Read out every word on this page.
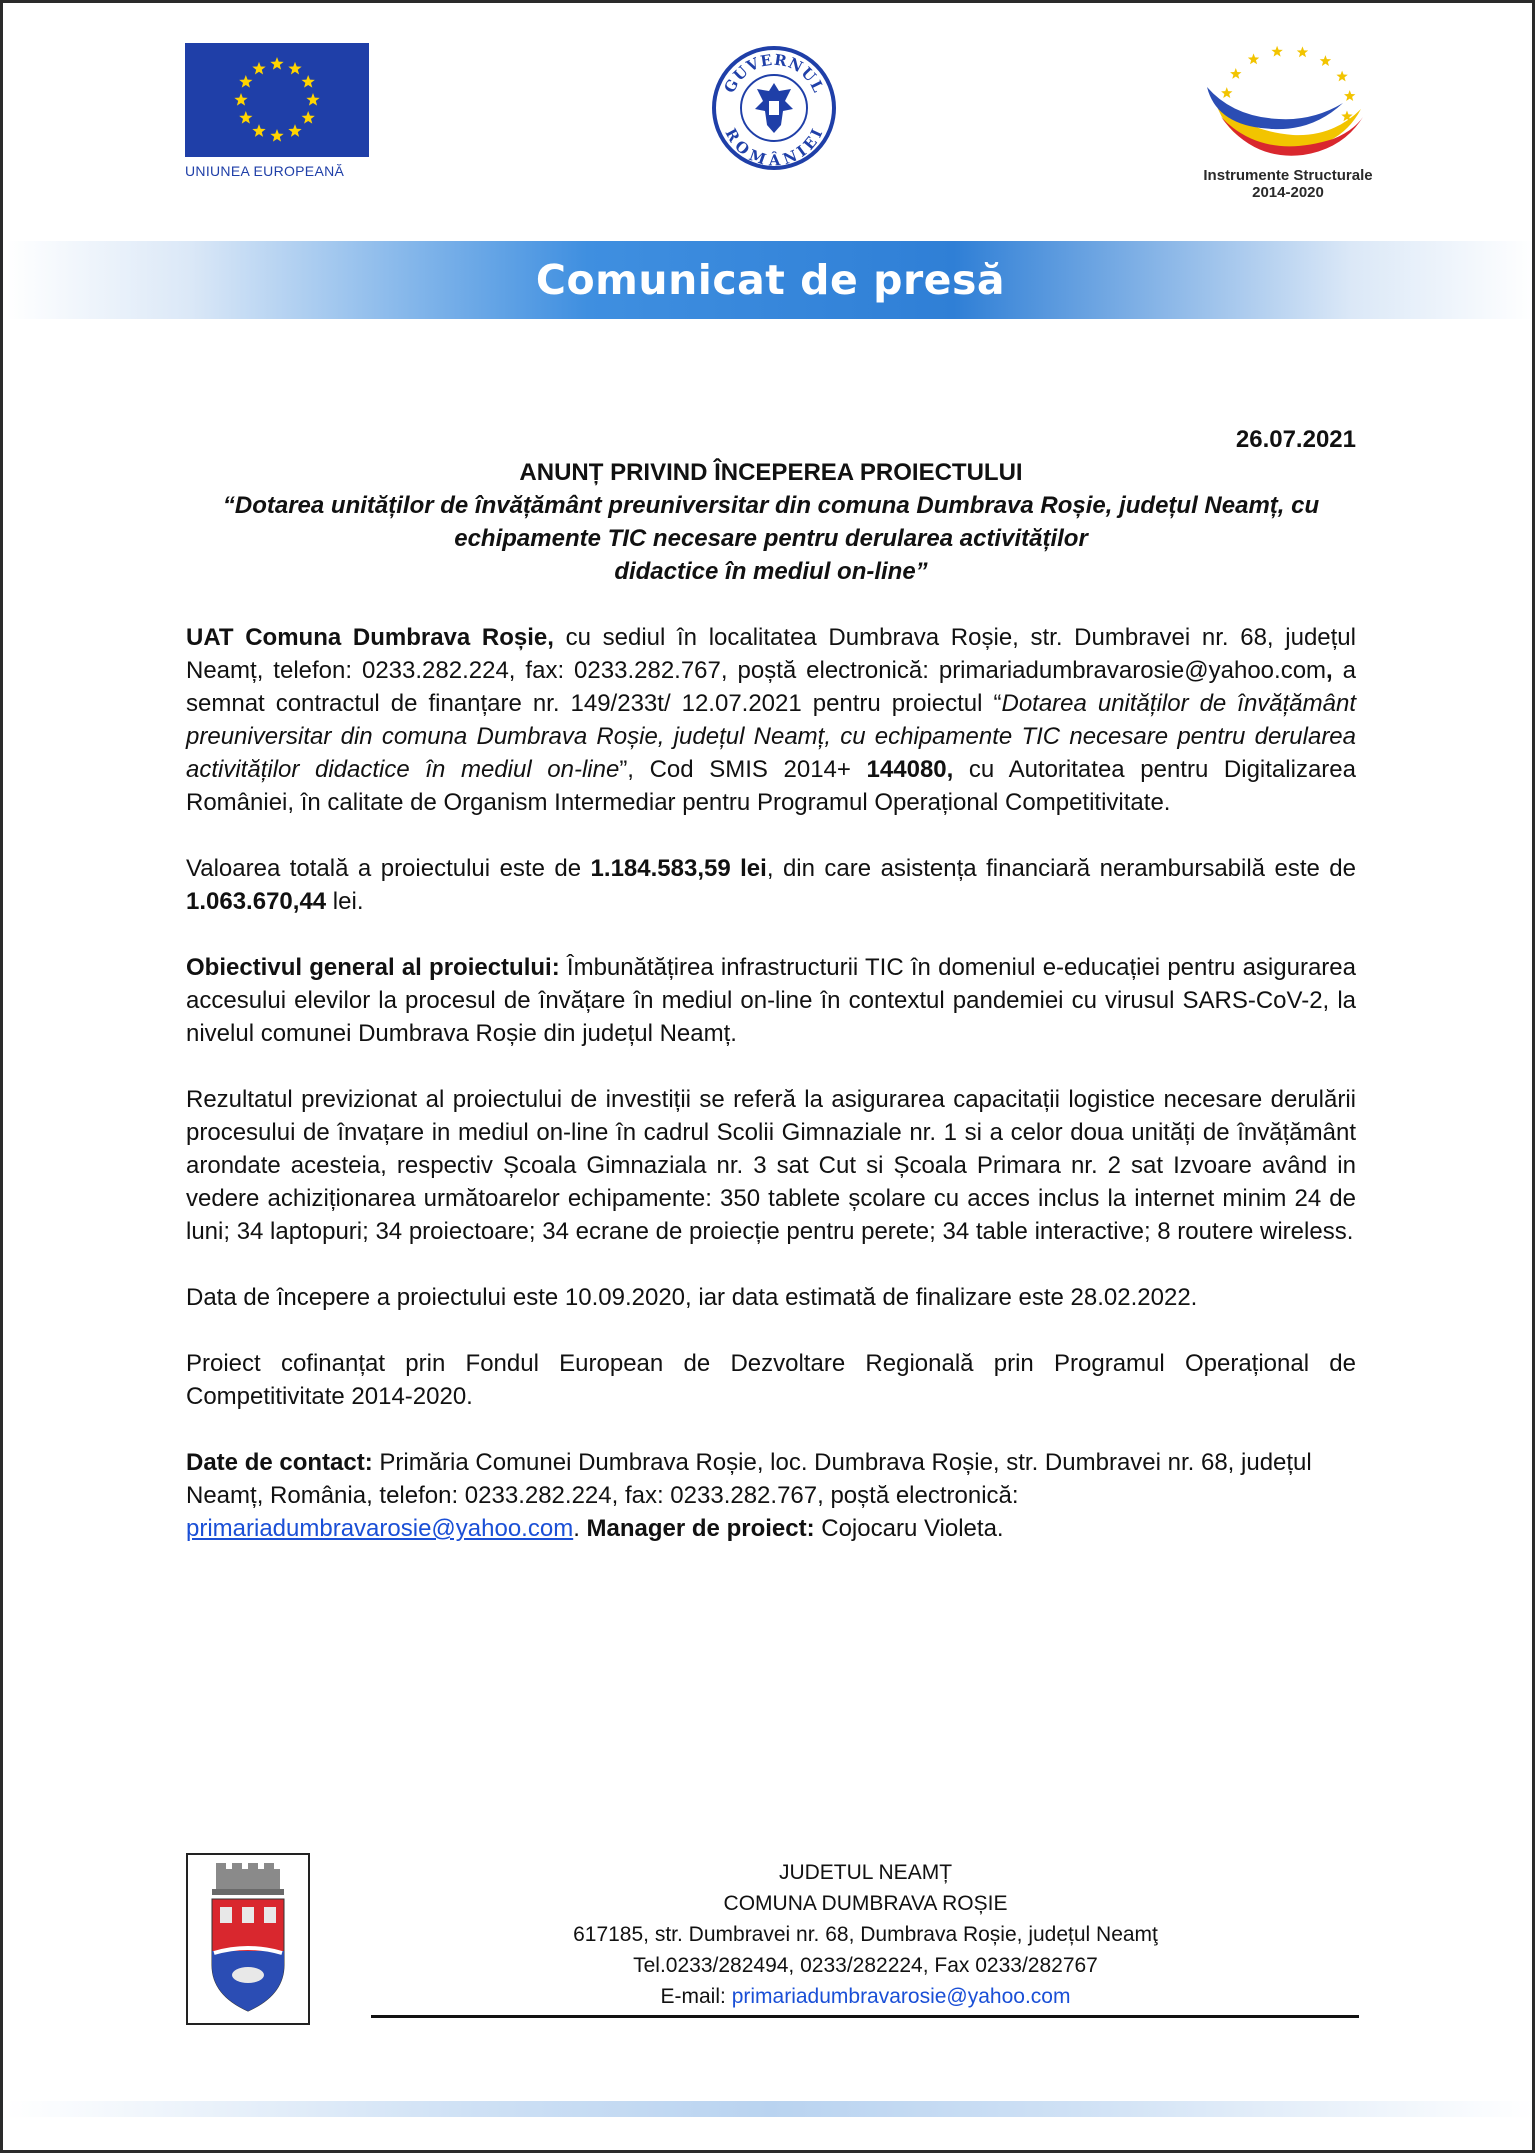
UNIUNEA EUROPEANĂ
GUVERNUL
ROMÂNIEI
Instrumente Structurale
2014-2020
Comunicat de presă
26.07.2021
ANUNȚ PRIVIND ÎNCEPEREA PROIECTULUI
“Dotarea unităților de învățământ preuniversitar din comuna Dumbrava Roșie, județul Neamț, cu
echipamente TIC necesare pentru derularea activităților
didactice în mediul on-line”

UAT Comuna Dumbrava Roșie, cu sediul în localitatea Dumbrava Roșie, str. Dumbravei nr. 68, județul Neamț, telefon: 0233.282.224, fax: 0233.282.767, poștă electronică: primariadumbravarosie@yahoo.com, a semnat contractul de finanțare nr. 149/233t/ 12.07.2021 pentru proiectul “Dotarea unităților de învățământ preuniversitar din comuna Dumbrava Roșie, județul Neamț, cu echipamente TIC necesare pentru derularea activităților didactice în mediul on-line”, Cod SMIS 2014+ 144080, cu Autoritatea pentru Digitalizarea României, în calitate de Organism Intermediar pentru Programul Operațional Competitivitate.

Valoarea totală a proiectului este de 1.184.583,59 lei, din care asistența financiară nerambursabilă este de 1.063.670,44 lei.

Obiectivul general al proiectului: Îmbunătățirea infrastructurii TIC în domeniul e-educației pentru asigurarea accesului elevilor la procesul de învățare în mediul on-line în contextul pandemiei cu virusul SARS-CoV-2, la nivelul comunei Dumbrava Roșie din județul Neamț.

Rezultatul previzionat al proiectului de investiții se referă la asigurarea capacitații logistice necesare derulării procesului de învațare in mediul on-line în cadrul Scolii Gimnaziale nr. 1 si a celor doua unități de învățământ arondate acesteia, respectiv Școala Gimnaziala nr. 3 sat Cut si Școala Primara nr. 2 sat Izvoare având in vedere achiziționarea următoarelor echipamente: 350 tablete școlare cu acces inclus la internet minim 24 de luni; 34 laptopuri; 34 proiectoare; 34 ecrane de proiecție pentru perete; 34 table interactive; 8 routere wireless.

Data de începere a proiectului este 10.09.2020, iar data estimată de finalizare este 28.02.2022.

Proiect cofinanțat prin Fondul European de Dezvoltare Regională prin Programul Operațional de Competitivitate 2014-2020.

Date de contact: Primăria Comunei Dumbrava Roșie, loc. Dumbrava Roșie, str. Dumbravei nr. 68, județul Neamț, România, telefon: 0233.282.224, fax: 0233.282.767, poștă electronică: primariadumbravarosie@yahoo.com. Manager de proiect: Cojocaru Violeta.

JUDETUL NEAMȚ
COMUNA DUMBRAVA ROȘIE
617185, str. Dumbravei nr. 68, Dumbrava Roșie, județul Neamţ
Tel.0233/282494, 0233/282224, Fax 0233/282767
E-mail: primariadumbravarosie@yahoo.com
